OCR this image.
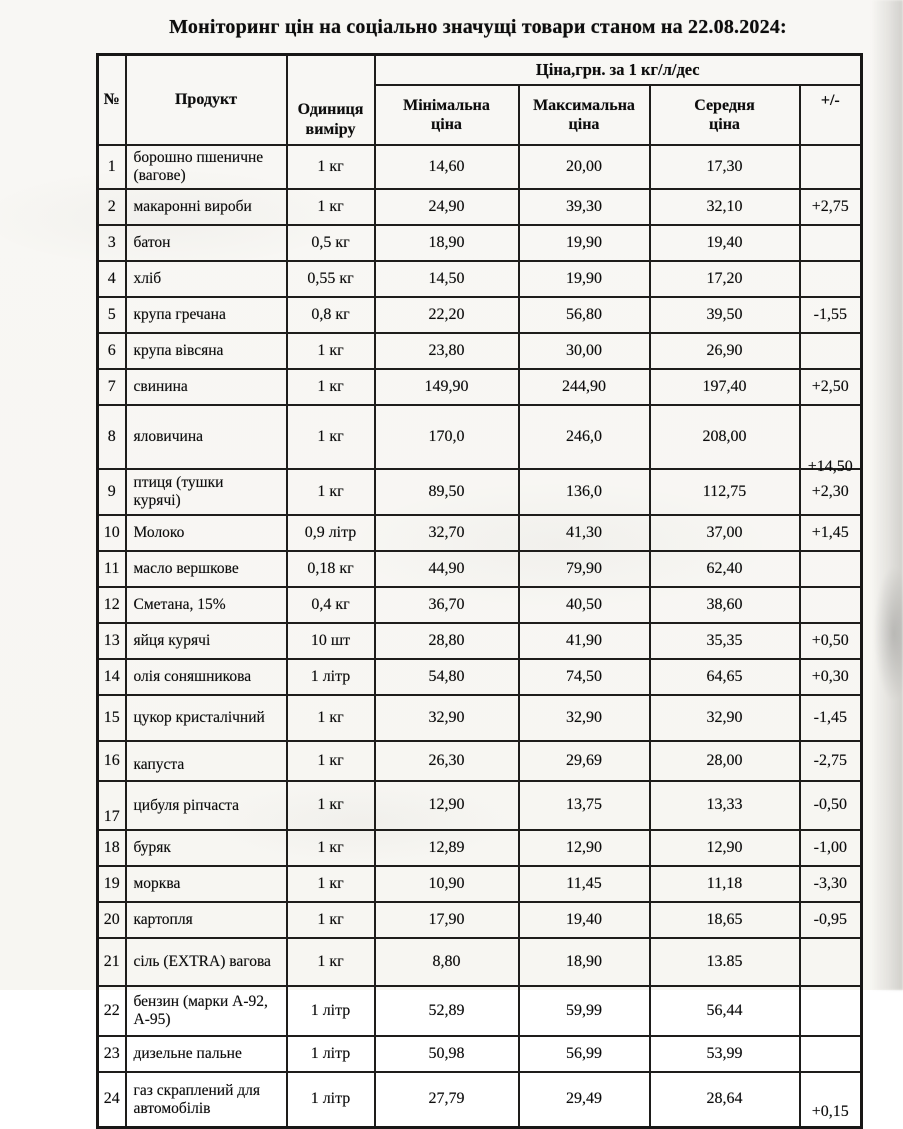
Моніторинг цін на соціально значущі товари станом на 22.08.2024:
№	Продукт	Одиниця виміру	Ціна,грн. за 1 кг/л/дес			
			Мінімальна ціна	Максимальна ціна	Середня ціна	+/-
1	борошно пшеничне (вагове)	1 кг	14,60	20,00	17,30	
2	макаронні вироби	1 кг	24,90	39,30	32,10	+2,75
3	батон	0,5 кг	18,90	19,90	19,40	
4	хліб	0,55 кг	14,50	19,90	17,20	
5	крупа гречана	0,8 кг	22,20	56,80	39,50	-1,55
6	крупа вівсяна	1 кг	23,80	30,00	26,90	
7	свинина	1 кг	149,90	244,90	197,40	+2,50
8	яловичина	1 кг	170,0	246,0	208,00	+14,50
9	птиця (тушки курячі)	1 кг	89,50	136,0	112,75	+2,30
10	Молоко	0,9 літр	32,70	41,30	37,00	+1,45
11	масло вершкове	0,18 кг	44,90	79,90	62,40	
12	Сметана, 15%	0,4 кг	36,70	40,50	38,60	
13	яйця курячі	10 шт	28,80	41,90	35,35	+0,50
14	олія соняшникова	1 літр	54,80	74,50	64,65	+0,30
15	цукор кристалічний	1 кг	32,90	32,90	32,90	-1,45
16	капуста	1 кг	26,30	29,69	28,00	-2,75
17	цибуля ріпчаста	1 кг	12,90	13,75	13,33	-0,50
18	буряк	1 кг	12,89	12,90	12,90	-1,00
19	морква	1 кг	10,90	11,45	11,18	-3,30
20	картопля	1 кг	17,90	19,40	18,65	-0,95
21	сіль (EXTRA) вагова	1 кг	8,80	18,90	13.85	
22	бензин (марки А-92, А-95)	1 літр	52,89	59,99	56,44	
23	дизельне пальне	1 літр	50,98	56,99	53,99	
24	газ скраплений для автомобілів	1 літр	27,79	29,49	28,64	+0,15
